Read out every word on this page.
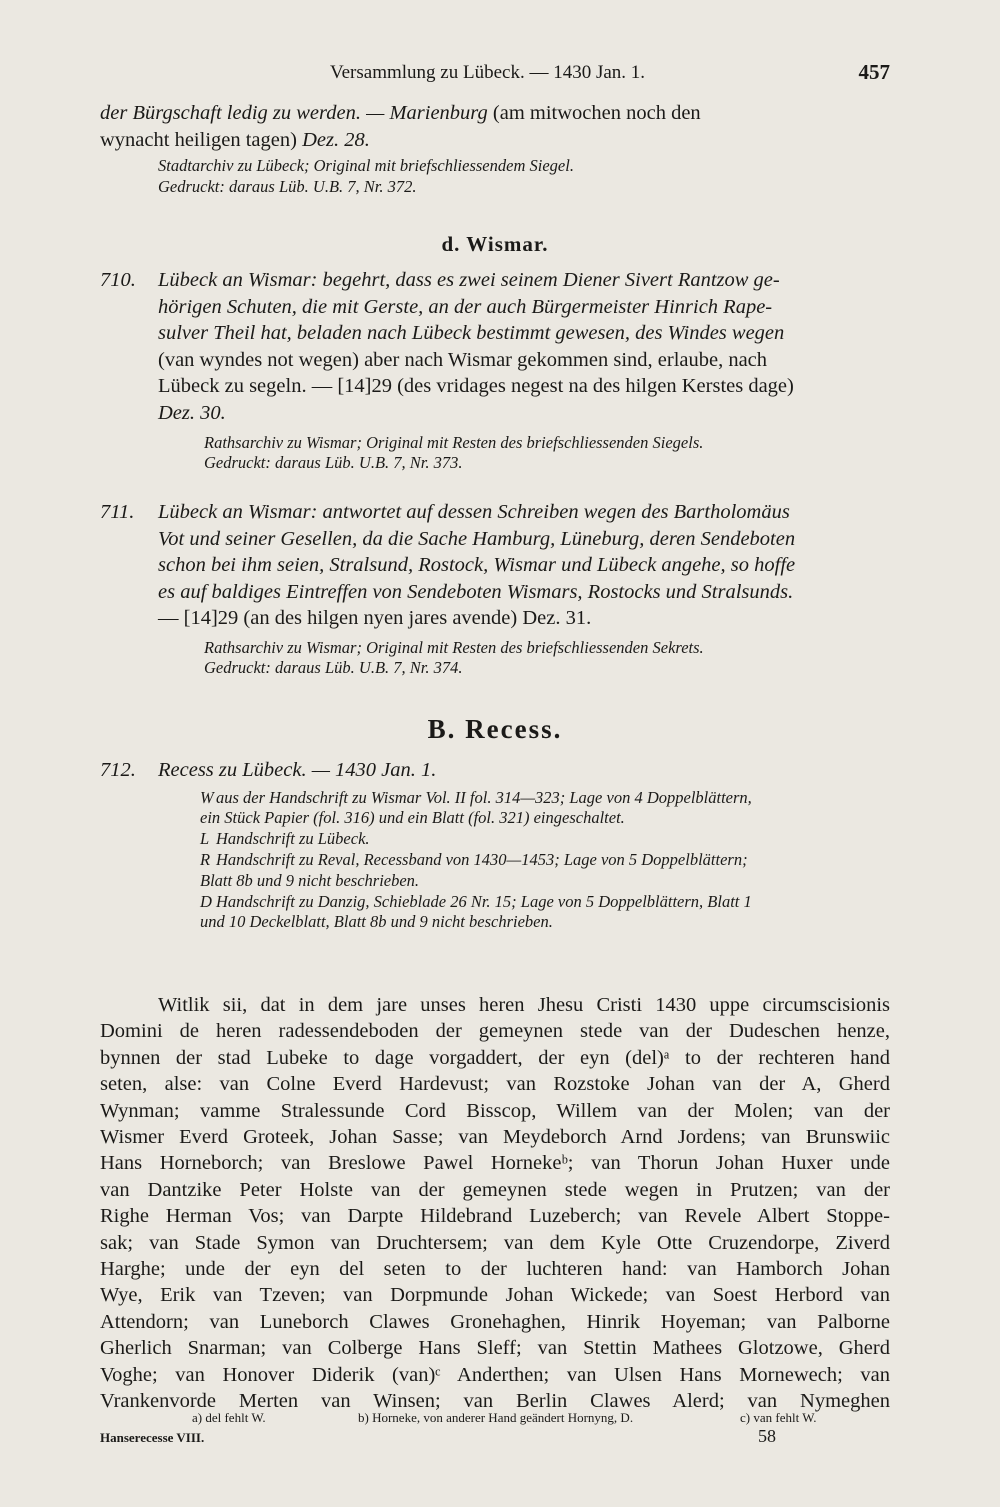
Versammlung zu Lübeck. — 1430 Jan. 1.	457
der Bürgschaft ledig zu werden. — Marienburg (am mitwochen noch den
wynacht heiligen tagen) Dez. 28.
Stadtarchiv zu Lübeck; Original mit briefschliessendem Siegel.
Gedruckt: daraus Lüb. U.B. 7, Nr. 372.
d. Wismar.
710. Lübeck an Wismar: begehrt, dass es zwei seinem Diener Sivert Rantzow ge-
hörigen Schuten, die mit Gerste, an der auch Bürgermeister Hinrich Rape-
sulver Theil hat, beladen nach Lübeck bestimmt gewesen, des Windes wegen
(van wyndes not wegen) aber nach Wismar gekommen sind, erlaube, nach
Lübeck zu segeln. — [14]29 (des vridages negest na des hilgen Kerstes dage)
Dez. 30.
Rathsarchiv zu Wismar; Original mit Resten des briefschliessenden Siegels.
Gedruckt: daraus Lüb. U.B. 7, Nr. 373.
711. Lübeck an Wismar: antwortet auf dessen Schreiben wegen des Bartholomäus
Vot und seiner Gesellen, da die Sache Hamburg, Lüneburg, deren Sendeboten
schon bei ihm seien, Stralsund, Rostock, Wismar und Lübeck angehe, so hoffe
es auf baldiges Eintreffen von Sendeboten Wismars, Rostocks und Stralsunds.
— [14]29 (an des hilgen nyen jares avende) Dez. 31.
Rathsarchiv zu Wismar; Original mit Resten des briefschliessenden Sekrets.
Gedruckt: daraus Lüb. U.B. 7, Nr. 374.
B. Recess.
712. Recess zu Lübeck. — 1430 Jan. 1.
W aus der Handschrift zu Wismar Vol. II fol. 314—323; Lage von 4 Doppelblättern,
ein Stück Papier (fol. 316) und ein Blatt (fol. 321) eingeschaltet.
L Handschrift zu Lübeck.
R Handschrift zu Reval, Recessband von 1430—1453; Lage von 5 Doppelblättern;
Blatt 8b und 9 nicht beschrieben.
D Handschrift zu Danzig, Schieblade 26 Nr. 15; Lage von 5 Doppelblättern, Blatt 1
und 10 Deckelblatt, Blatt 8b und 9 nicht beschrieben.
Witlik sii, dat in dem jare unses heren Jhesu Cristi 1430 uppe circumscisionis
Domini de heren radessendeboden der gemeynen stede van der Dudeschen henze,
bynnen der stad Lubeke to dage vorgaddert, der eyn (del)ᵃ to der rechteren hand
seten, alse: van Colne Everd Hardevust; van Rozstoke Johan van der A, Gherd
Wynman; vamme Stralessunde Cord Bisscop, Willem van der Molen; van der
Wismer Everd Groteek, Johan Sasse; van Meydeborch Arnd Jordens; van Brunswiic
Hans Horneborch; van Breslowe Pawel Hornekeᵇ; van Thorun Johan Huxer unde
van Dantzike Peter Holste van der gemeynen stede wegen in Prutzen; van der
Righe Herman Vos; van Darpte Hildebrand Luzeberch; van Revele Albert Stoppe-
sak; van Stade Symon van Druchtersem; van dem Kyle Otte Cruzendorpe, Ziverd
Harghe; unde der eyn del seten to der luchteren hand: van Hamborch Johan
Wye, Erik van Tzeven; van Dorpmunde Johan Wickede; van Soest Herbord van
Attendorn; van Luneborch Clawes Gronehaghen, Hinrik Hoyeman; van Palborne
Gherlich Snarman; van Colberge Hans Sleff; van Stettin Mathees Glotzowe, Gherd
Voghe; van Honover Diderik (van)ᶜ Anderthen; van Ulsen Hans Mornewech; van
Vrankenvorde Merten van Winsen; van Berlin Clawes Alerd; van Nymeghen
a) del fehlt W.	b) Horneke, von anderer Hand geändert Hornyng, D.	c) van fehlt W.
Hanserecesse VIII.	58
